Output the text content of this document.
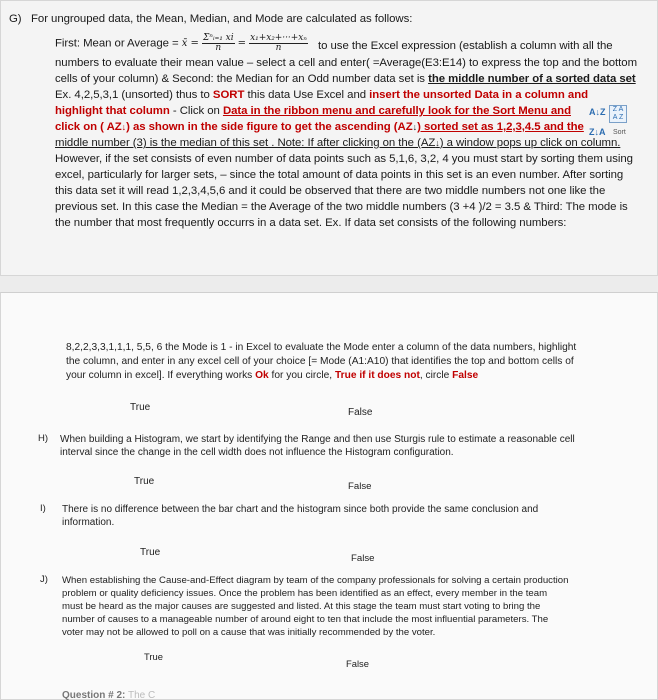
G) For ungrouped data, the Mean, Median, and Mode are calculated as follows:
First: Mean or Average = x̄ = $\frac{\text{Σⁿᵢ₌₁ xi}}{n} = \frac{\text{x₁+x₂+···+xₙ}}{n}$ to use the Excel expression (establish a column with all the
numbers to evaluate their mean value – select a cell and enter( =Average(E3:E14) to express the top and the bottom
cells of your column) & Second: the Median for an Odd number data set is the middle number of a sorted data set
Ex. 4,2,5,3,1 (unsorted) thus to SORT this data Use Excel and insert the unsorted Data in a column and
highlight that column - Click on Data in the ribbon menu and carefully look for the Sort Menu and
click on ( AZ↓) as shown in the side figure to get the ascending (AZ↓) sorted set as 1,2,3,4.5 and the
A↓Z	Z A A Z
Z↓A Sort
middle number (3) is the median of this set . Note: If after clicking on the (AZ↓) a window pops up click on column.
However, if the set consists of even number of data points such as 5,1,6, 3,2, 4 you must start by sorting them using
excel, particularly for larger sets, – since the total amount of data points in this set is an even number. After sorting
this data set it will read 1,2,3,4,5,6 and it could be observed that there are two middle numbers not one like the
previous set. In this case the Median = the Average of the two middle numbers (3 +4 )/2 = 3.5 & Third: The mode is
the number that most frequently occurrs in a data set. Ex. If data set consists of the following numbers:
8,2,2,3,3,1,1,1, 5,5, 6 the Mode is 1 - in Excel to evaluate the Mode enter a column of the data numbers, highlight
the column, and enter in any excel cell of your choice [= Mode (A1:A10) that identifies the top and bottom cells of
your column in excel]. If everything works Ok for you circle, True if it does not, circle False
True	False
H) When building a Histogram, we start by identifying the Range and then use Sturgis rule to estimate a reasonable cell
interval since the change in the cell width does not influence the Histogram configuration.
True	False
I) There is no difference between the bar chart and the histogram since both provide the same conclusion and
information.
True
False
J) When establishing the Cause-and-Effect diagram by team of the company professionals for solving a certain production
problem or quality deficiency issues. Once the problem has been identified as an effect, every member in the team
must be heard as the major causes are suggested and listed. At this stage the team must start voting to bring the
number of causes to a manageable number of around eight to ten that include the most influential parameters. The
voter may not be allowed to poll on a cause that was initially recommended by the voter.
True
False
Question # 2: The C
